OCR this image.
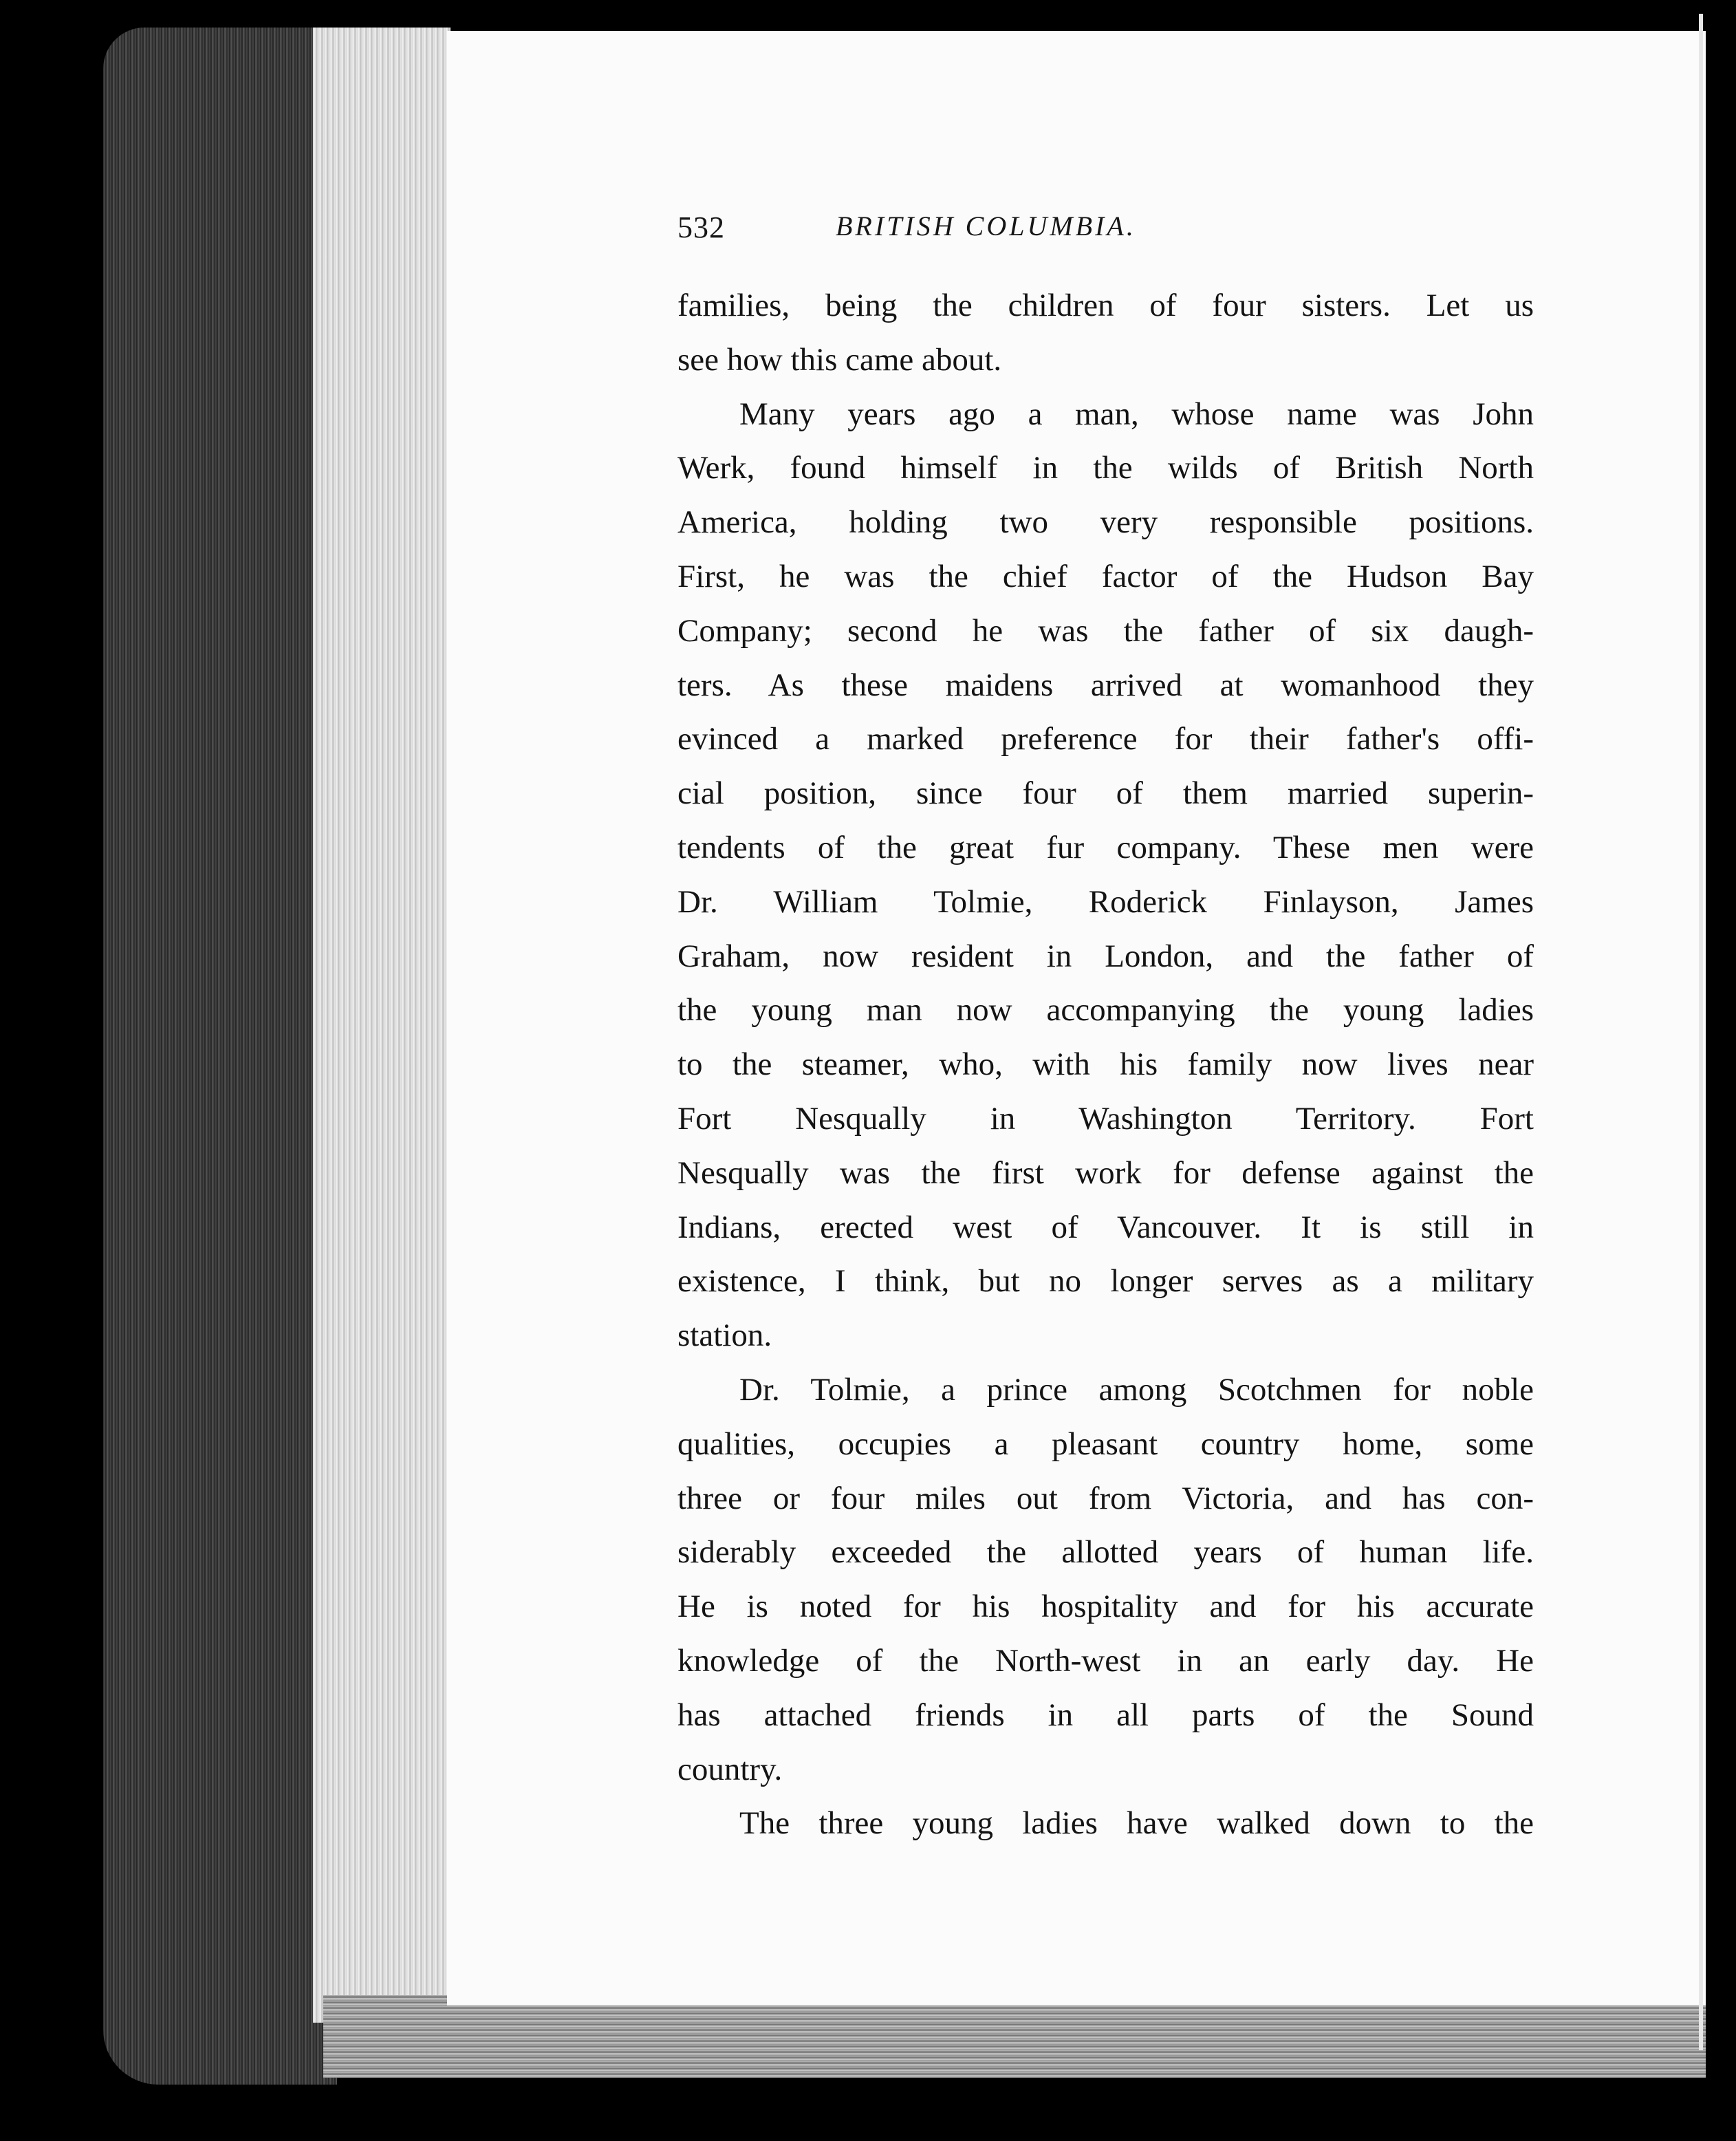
532	BRITISH COLUMBIA.
families, being the children of four sisters. Let us
see how this came about.
Many years ago a man, whose name was John
Werk, found himself in the wilds of British North
America, holding two very responsible positions.
First, he was the chief factor of the Hudson Bay
Company; second he was the father of six daugh-
ters. As these maidens arrived at womanhood they
evinced a marked preference for their father's offi-
cial position, since four of them married superin-
tendents of the great fur company. These men were
Dr. William Tolmie, Roderick Finlayson, James
Graham, now resident in London, and the father of
the young man now accompanying the young ladies
to the steamer, who, with his family now lives near
Fort Nesqually in Washington Territory. Fort
Nesqually was the first work for defense against the
Indians, erected west of Vancouver. It is still in
existence, I think, but no longer serves as a military
station.
Dr. Tolmie, a prince among Scotchmen for noble
qualities, occupies a pleasant country home, some
three or four miles out from Victoria, and has con-
siderably exceeded the allotted years of human life.
He is noted for his hospitality and for his accurate
knowledge of the North-west in an early day. He
has attached friends in all parts of the Sound
country.
The three young ladies have walked down to the
